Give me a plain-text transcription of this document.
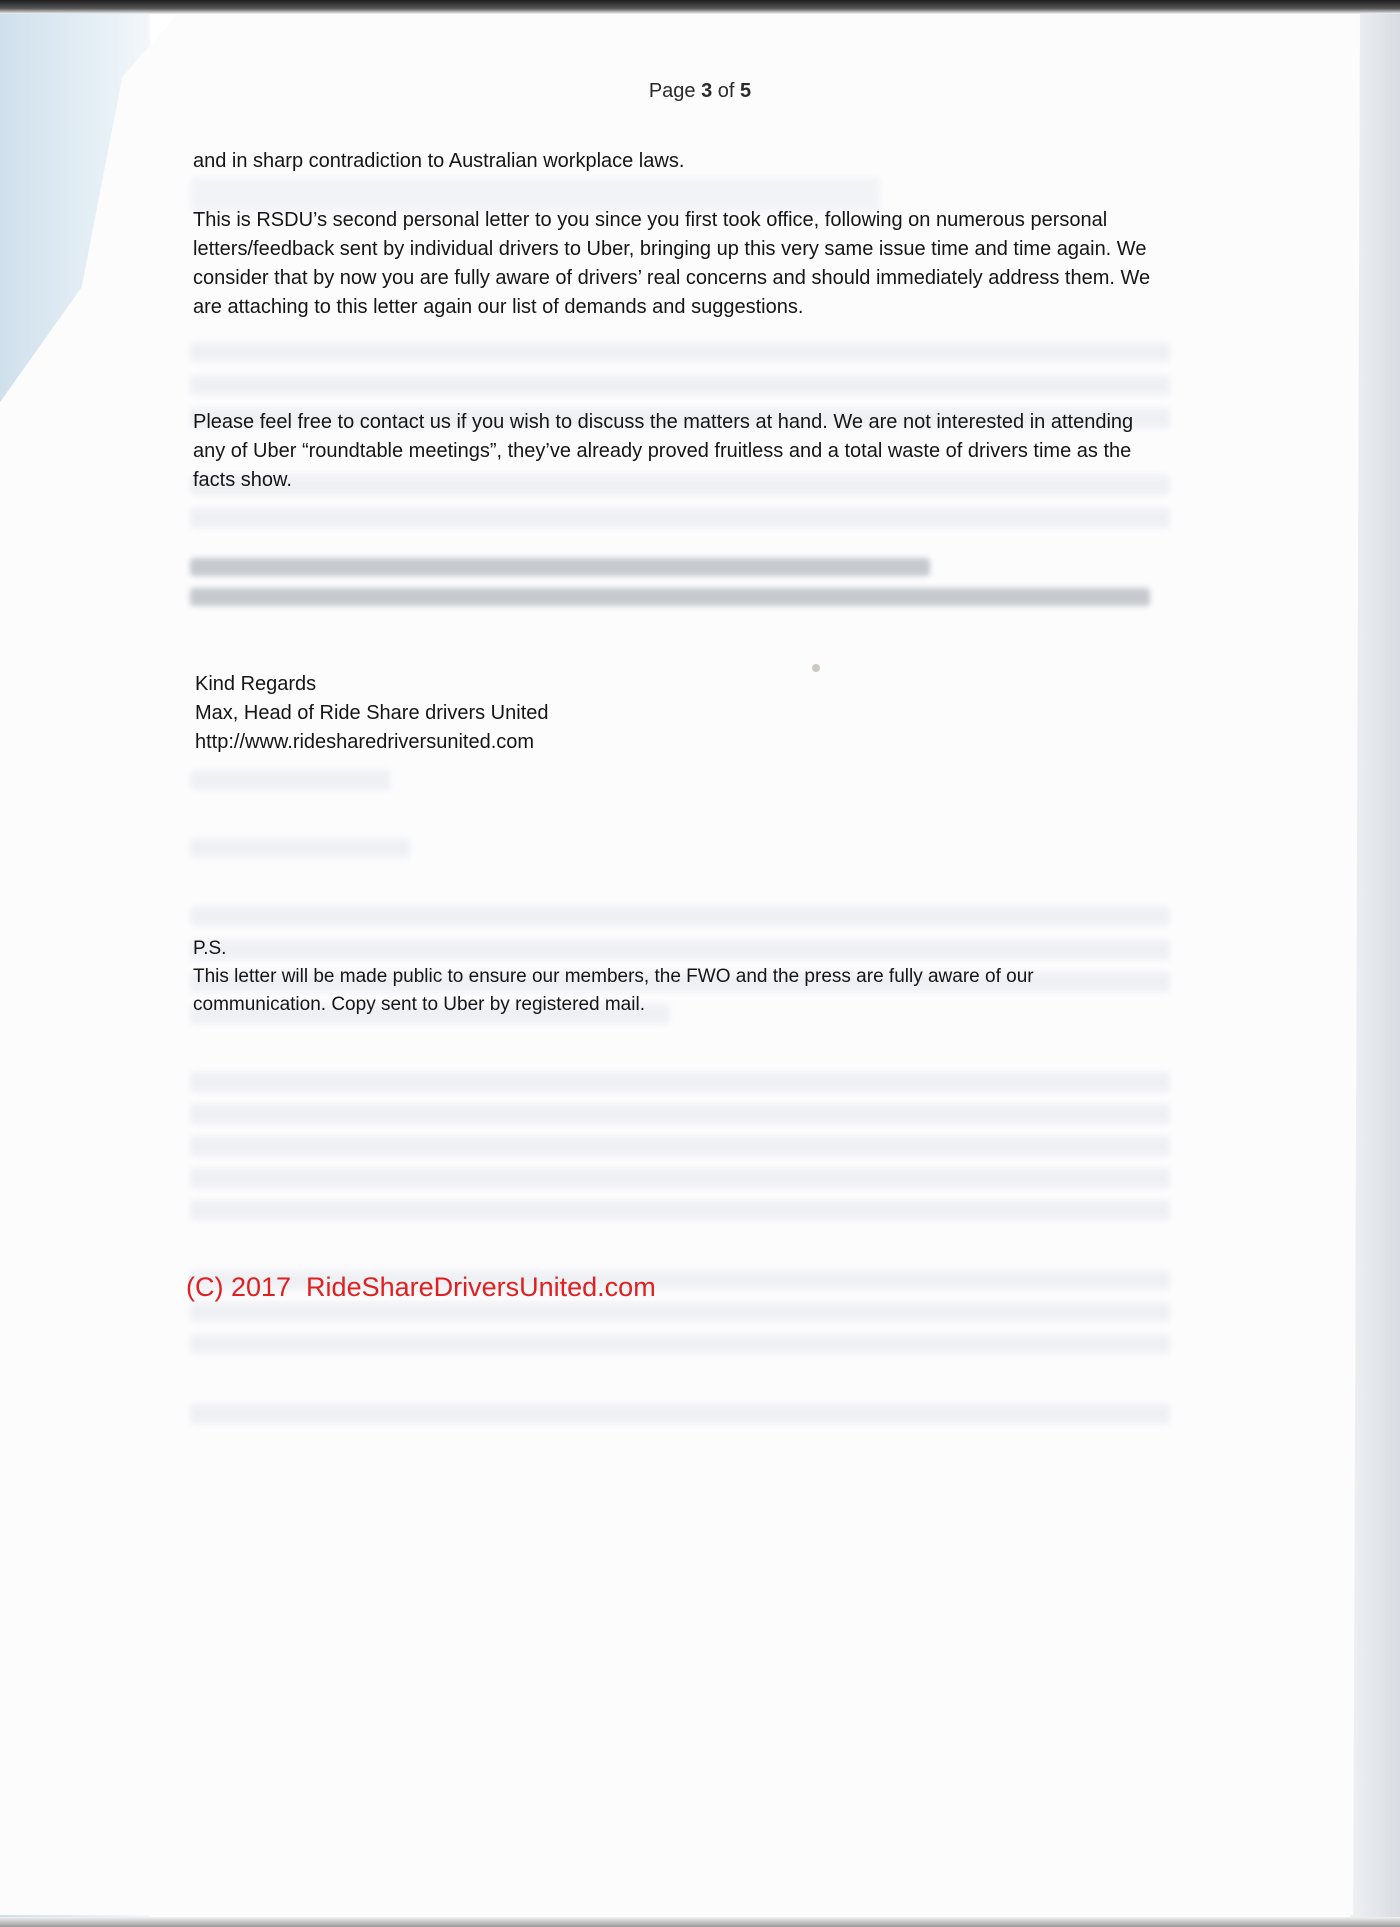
Page 3 of 5

and in sharp contradiction to Australian workplace laws.

This is RSDU’s second personal letter to you since you first took office, following on numerous personal letters/feedback sent by individual drivers to Uber, bringing up this very same issue time and time again. We consider that by now you are fully aware of drivers’ real concerns and should immediately address them. We are attaching to this letter again our list of demands and suggestions.

Please feel free to contact us if you wish to discuss the matters at hand. We are not interested in attending any of Uber “roundtable meetings”, they’ve already proved fruitless and a total waste of drivers time as the facts show.

Kind Regards
Max, Head of Ride Share drivers United
http://www.ridesharedriversunited.com

P.S.

This letter will be made public to ensure our members, the FWO and the press are fully aware of our communication. Copy sent to Uber by registered mail.

(C) 2017  RideShareDriversUnited.com
